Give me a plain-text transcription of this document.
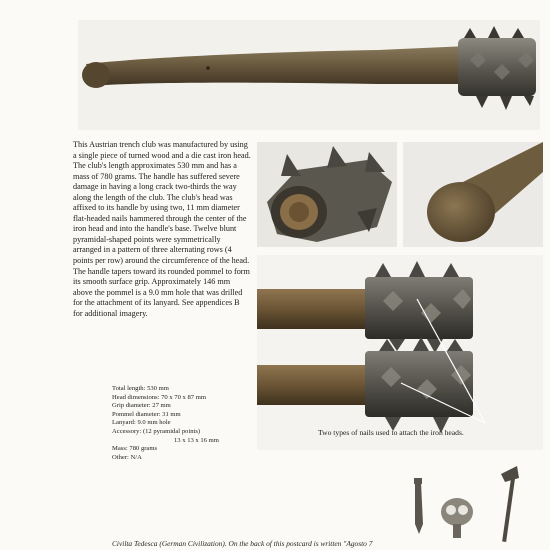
This Austrian trench club was manufactured by using a single piece of turned wood and a die cast iron head. The club's length approximates 530 mm and has a mass of 780 grams. The handle has suffered severe damage in having a long crack two-thirds the way along the length of the club. The club's head was affixed to its handle by using two, 11 mm diameter flat-headed nails hammered through the center of the iron head and into the handle's base. Twelve blunt pyramidal-shaped points were symmetrically arranged in a pattern of three alternating rows (4 points per row) around the circumference of the head. The handle tapers toward its rounded pommel to form its smooth surface grip. Approximately 146 mm above the pommel is a 9.0 mm hole that was drilled for the attachment of its lanyard. See appendices B for additional imagery.

Total length: 530 mm
Head dimensions: 70 x 70 x 87 mm
Grip diameter: 27 mm
Pommel diameter: 31 mm
Lanyard: 9.0 mm hole
Accessory: (12 pyramidal points)
13 x 13 x 16 mm
Mass: 780 grams
Other: N/A
Two types of nails used to attach the iron heads.
Civilta Tedesca (German Civilization). On the back of this postcard is written "Agosto 7
